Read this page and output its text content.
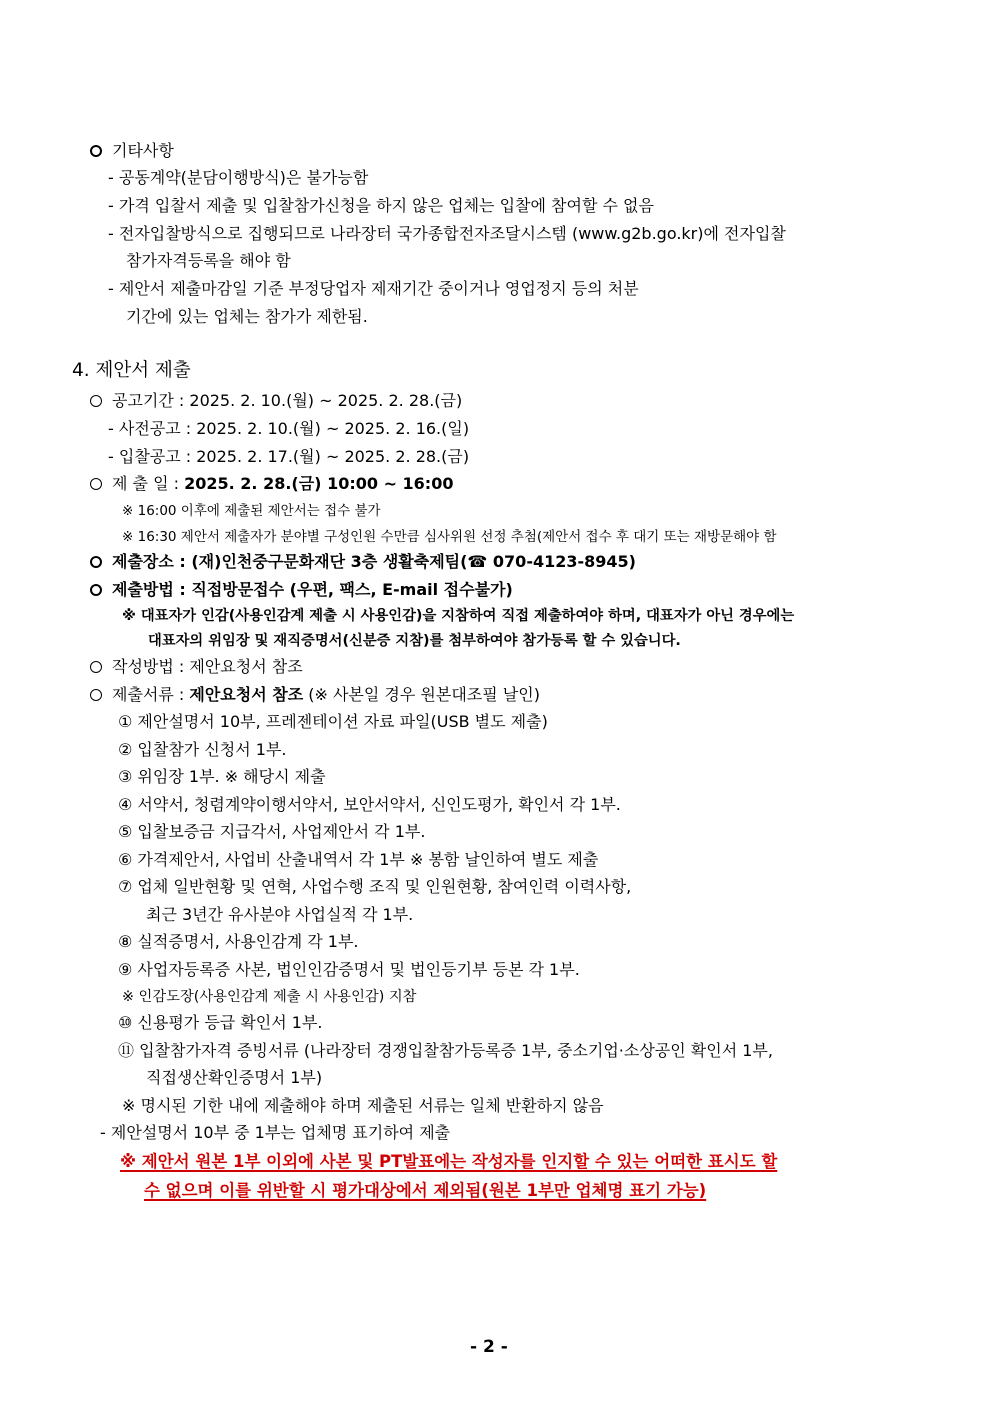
기타사항
- 공동계약(분담이행방식)은 불가능함
- 가격 입찰서 제출 및 입찰참가신청을 하지 않은 업체는 입찰에 참여할 수 없음
- 전자입찰방식으로 집행되므로 나라장터 국가종합전자조달시스템 (www.g2b.go.kr)에 전자입찰
참가자격등록을 해야 함
- 제안서 제출마감일 기준 부정당업자 제재기간 중이거나 영업정지 등의 처분
기간에 있는 업체는 참가가 제한됨.
4. 제안서 제출
공고기간 : 2025. 2. 10.(월) ~ 2025. 2. 28.(금)
- 사전공고 : 2025. 2. 10.(월) ~ 2025. 2. 16.(일)
- 입찰공고 : 2025. 2. 17.(월) ~ 2025. 2. 28.(금)
제 출 일 : 2025. 2. 28.(금) 10:00 ~ 16:00
※ 16:00 이후에 제출된 제안서는 접수 불가
※ 16:30 제안서 제출자가 분야별 구성인원 수만큼 심사위원 선정 추첨(제안서 접수 후 대기 또는 재방문해야 함
제출장소 : (재)인천중구문화재단 3층 생활축제팀(☎ 070-4123-8945)
제출방법 : 직접방문접수 (우편, 팩스, E-mail 접수불가)
※ 대표자가 인감(사용인감계 제출 시 사용인감)을 지참하여 직접 제출하여야 하며, 대표자가 아닌 경우에는
대표자의 위임장 및 재직증명서(신분증 지참)를 첨부하여야 참가등록 할 수 있습니다.
작성방법 : 제안요청서 참조
제출서류 : 제안요청서 참조 (※ 사본일 경우 원본대조필 날인)
① 제안설명서 10부, 프레젠테이션 자료 파일(USB 별도 제출)
② 입찰참가 신청서 1부.
③ 위임장 1부. ※ 해당시 제출
④ 서약서, 청렴계약이행서약서, 보안서약서, 신인도평가, 확인서 각 1부.
⑤ 입찰보증금 지급각서, 사업제안서 각 1부.
⑥ 가격제안서, 사업비 산출내역서 각 1부 ※ 봉함 날인하여 별도 제출
⑦ 업체 일반현황 및 연혁, 사업수행 조직 및 인원현황, 참여인력 이력사항,
최근 3년간 유사분야 사업실적 각 1부.
⑧ 실적증명서, 사용인감계 각 1부.
⑨ 사업자등록증 사본, 법인인감증명서 및 법인등기부 등본 각 1부.
※ 인감도장(사용인감계 제출 시 사용인감) 지참
⑩ 신용평가 등급 확인서 1부.
⑪ 입찰참가자격 증빙서류 (나라장터 경쟁입찰참가등록증 1부, 중소기업·소상공인 확인서 1부,
직접생산확인증명서 1부)
※ 명시된 기한 내에 제출해야 하며 제출된 서류는 일체 반환하지 않음
- 제안설명서 10부 중 1부는 업체명 표기하여 제출
※ 제안서 원본 1부 이외에 사본 및 PT발표에는 작성자를 인지할 수 있는 어떠한 표시도 할
수 없으며 이를 위반할 시 평가대상에서 제외됨(원본 1부만 업체명 표기 가능)
- 2 -
